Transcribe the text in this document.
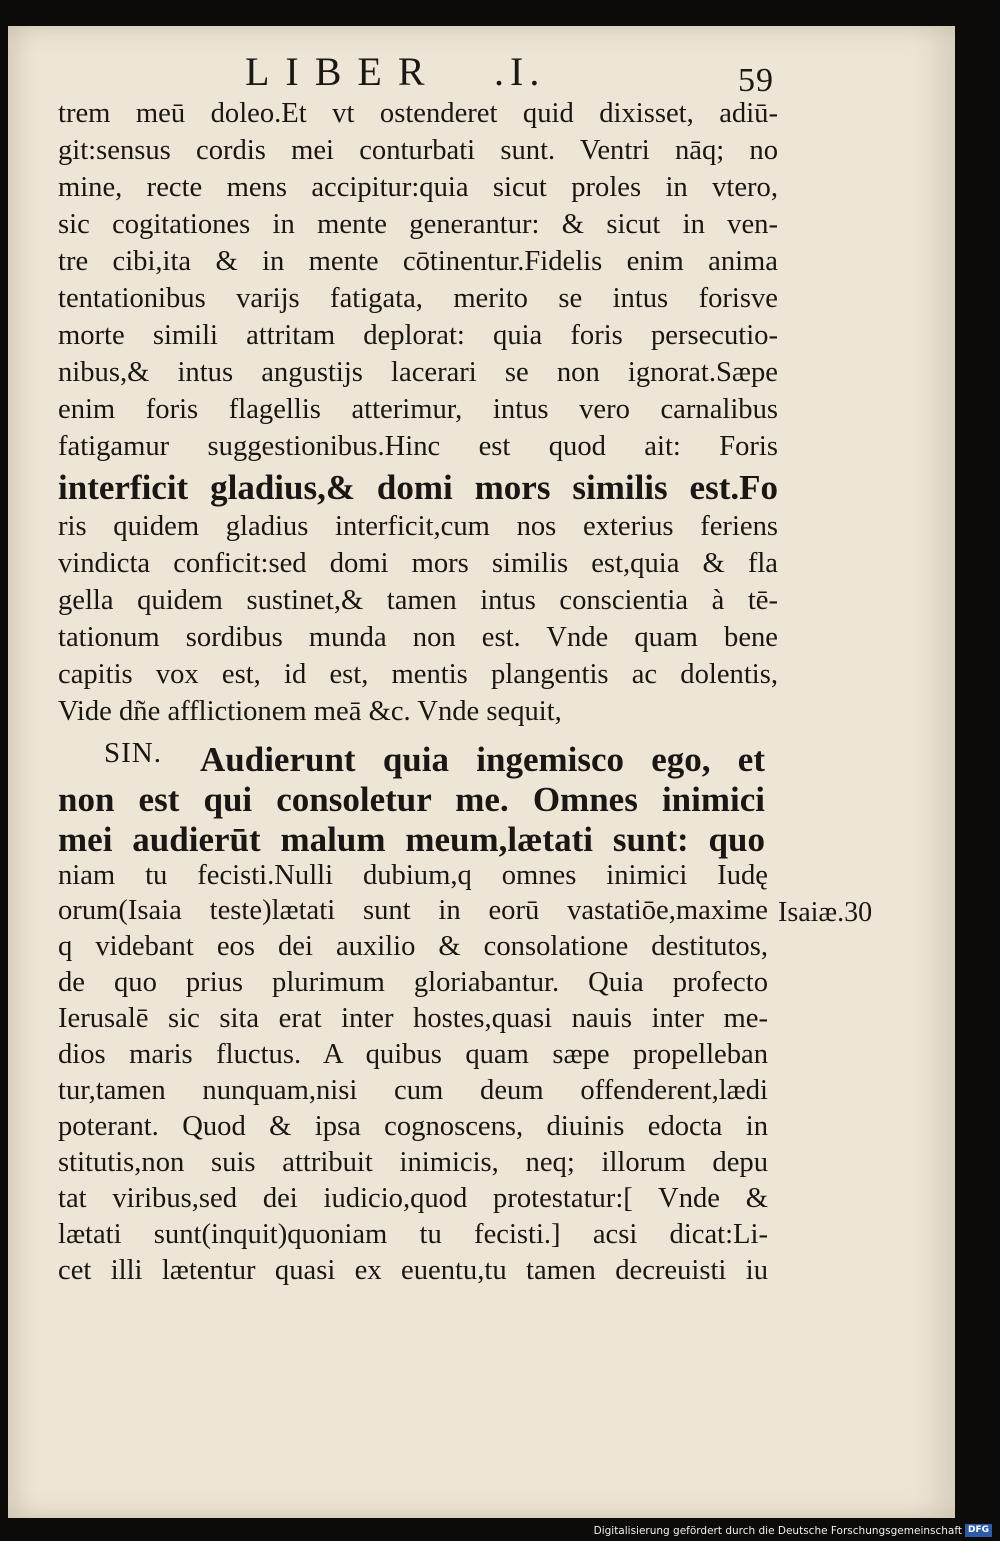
LIBER .I.	59

trem meū doleo.Et vt ostenderet quid dixisset, adiū-

git:sensus cordis mei conturbati sunt. Ventri nāq; no

mine, recte mens accipitur:quia sicut proles in vtero,

sic cogitationes in mente generantur: & sicut in ven-

tre cibi,ita & in mente cōtinentur.Fidelis enim anima

tentationibus varijs fatigata, merito se intus forisve

morte simili attritam deplorat: quia foris persecutio-

nibus,& intus angustijs lacerari se non ignorat.Sæpe

enim foris flagellis atterimur, intus vero carnalibus

fatigamur suggestionibus.Hinc est quod ait: Foris

interficit gladius,& domi mors similis est.Fo

ris quidem gladius interficit,cum nos exterius feriens

vindicta conficit:sed domi mors similis est,quia & fla

gella quidem sustinet,& tamen intus conscientia à tē-

tationum sordibus munda non est. Vnde quam bene

capitis vox est, id est, mentis plangentis ac dolentis,

Vide dñe afflictionem meā &c. Vnde sequit,

SIN. Audierunt quia ingemisco ego, et

non est qui consoletur me. Omnes inimici

mei audierūt malum meum,lætati sunt: quo

niam tu fecisti.Nulli dubium,q omnes inimici Iudę

orum(Isaia teste)lætati sunt in eorū vastatiōe,maxime

q videbant eos dei auxilio & consolatione destitutos,

de quo prius plurimum gloriabantur. Quia profecto

Ierusalē sic sita erat inter hostes,quasi nauis inter me-

dios maris fluctus. A quibus quam sæpe propelleban

tur,tamen nunquam,nisi cum deum offenderent,lædi

poterant. Quod & ipsa cognoscens, diuinis edocta in

stitutis,non suis attribuit inimicis, neq; illorum depu

tat viribus,sed dei iudicio,quod protestatur:[ Vnde &

lætati sunt(inquit)quoniam tu fecisti.] acsi dicat:Li-

cet illi lætentur quasi ex euentu,tu tamen decreuisti iu

Isaiæ.30
Digitalisierung gefördert durch die Deutsche Forschungsgemeinschaft DFG
